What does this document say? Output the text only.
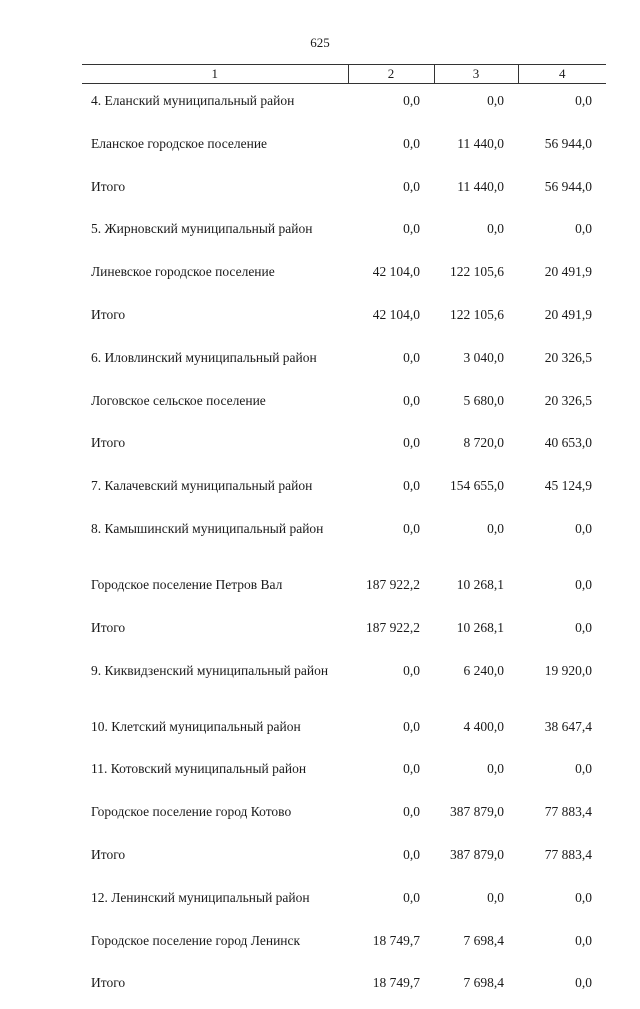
625
1	2	3	4
4. Еланский муниципальный район	0,0	0,0	0,0
Еланское городское поселение	0,0	11 440,0	56 944,0
Итого	0,0	11 440,0	56 944,0
5. Жирновский муниципальный район	0,0	0,0	0,0
Линевское городское поселение	42 104,0	122 105,6	20 491,9
Итого	42 104,0	122 105,6	20 491,9
6. Иловлинский муниципальный район	0,0	3 040,0	20 326,5
Логовское сельское поселение	0,0	5 680,0	20 326,5
Итого	0,0	8 720,0	40 653,0
7. Калачевский муниципальный район	0,0	154 655,0	45 124,9
8. Камышинский муниципальный район	0,0	0,0	0,0
Городское поселение Петров Вал	187 922,2	10 268,1	0,0
Итого	187 922,2	10 268,1	0,0
9. Киквидзенский муниципальный район	0,0	6 240,0	19 920,0
10. Клетский муниципальный район	0,0	4 400,0	38 647,4
11. Котовский муниципальный район	0,0	0,0	0,0
Городское поселение город Котово	0,0	387 879,0	77 883,4
Итого	0,0	387 879,0	77 883,4
12. Ленинский муниципальный район	0,0	0,0	0,0
Городское поселение город Ленинск	18 749,7	7 698,4	0,0
Итого	18 749,7	7 698,4	0,0
